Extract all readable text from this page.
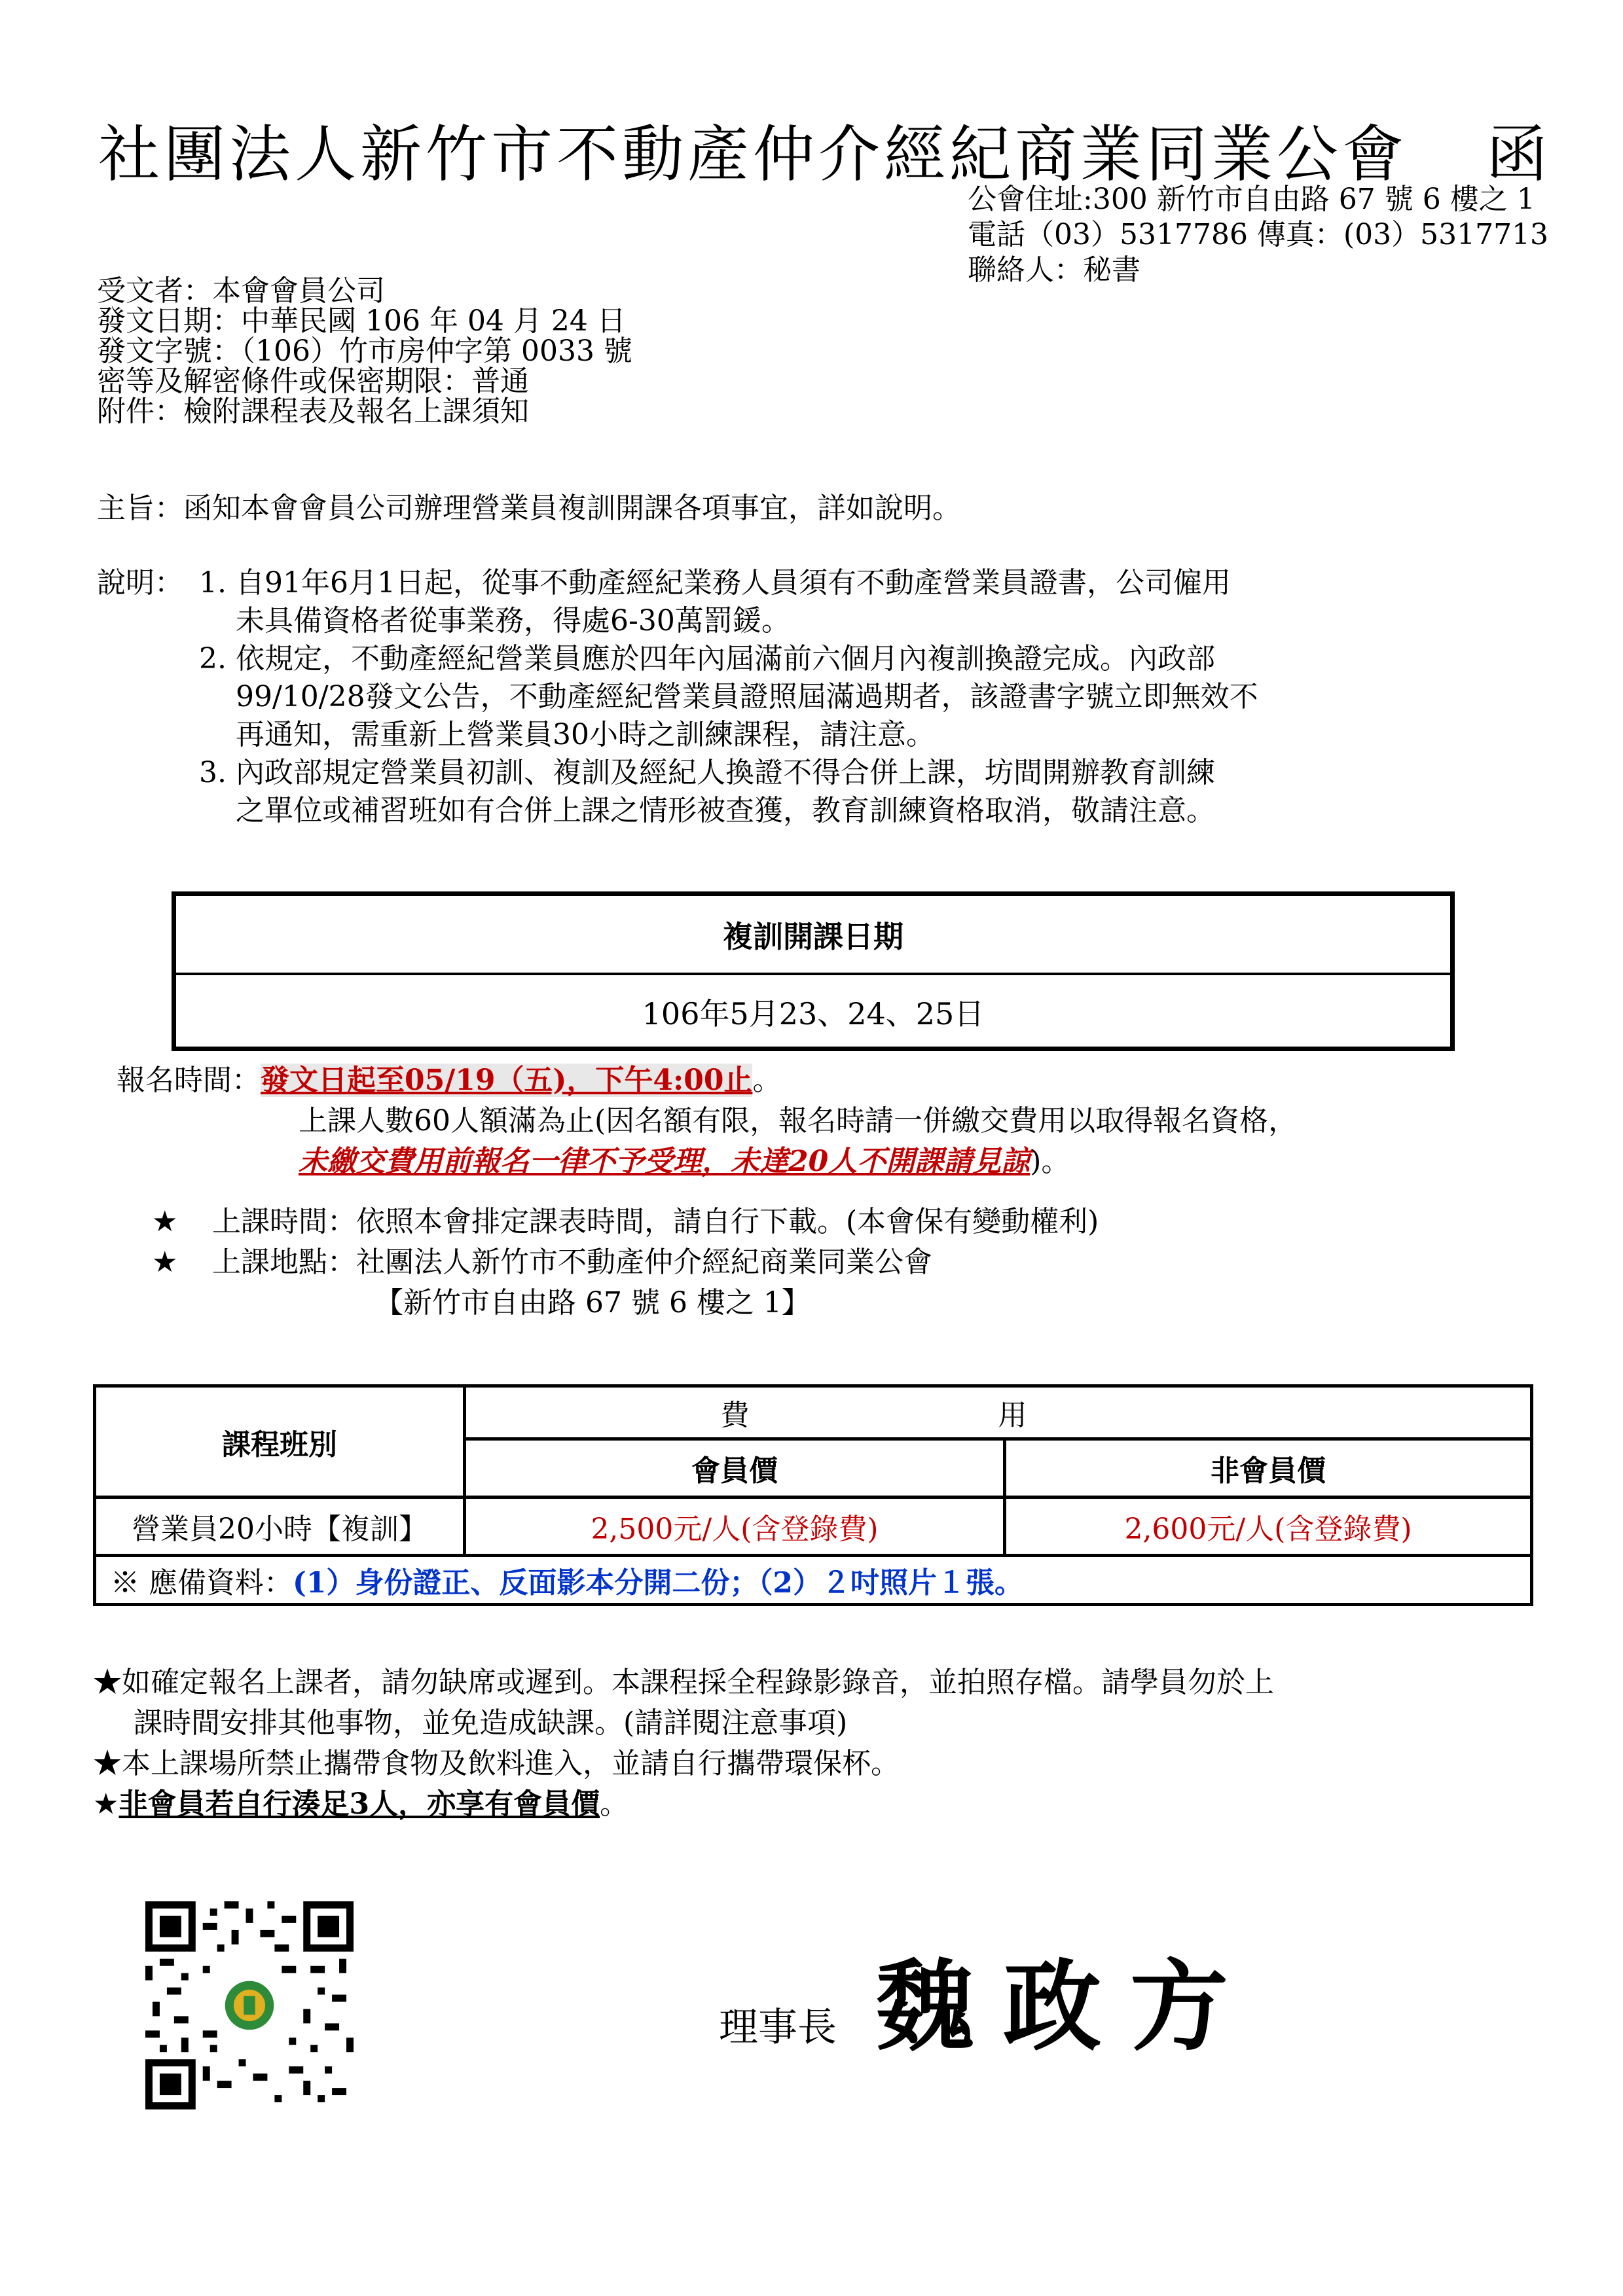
社團法人新竹市不動產仲介經紀商業同業公會 函
公會住址:300 新竹市自由路 67 號 6 樓之 1
電話（03）5317786 傳真：(03）5317713
聯絡人：秘書
受文者：本會會員公司
發文日期：中華民國 106 年 04 月 24 日
發文字號：（106）竹市房仲字第 0033 號
密等及解密條件或保密期限：普通
附件：檢附課程表及報名上課須知
主旨：函知本會會員公司辦理營業員複訓開課各項事宜，詳如說明。
說明： 1. 自91年6月1日起，從事不動產經紀業務人員須有不動產營業員證書，公司僱用
未具備資格者從事業務，得處6-30萬罰鍰。
2. 依規定，不動產經紀營業員應於四年內屆滿前六個月內複訓換證完成。內政部
99/10/28發文公告，不動產經紀營業員證照屆滿過期者，該證書字號立即無效不
再通知，需重新上營業員30小時之訓練課程，請注意。
3. 內政部規定營業員初訓、複訓及經紀人換證不得合併上課，坊間開辦教育訓練
之單位或補習班如有合併上課之情形被查獲，教育訓練資格取消，敬請注意。
複訓開課日期
106年5月23、24、25日
報名時間：發文日起至05/19（五)，下午4:00止。
上課人數60人額滿為止(因名額有限，報名時請一併繳交費用以取得報名資格，
未繳交費用前報名一律不予受理，未達20人不開課請見諒)。
★ 上課時間：依照本會排定課表時間，請自行下載。(本會保有變動權利)
★ 上課地點：社團法人新竹市不動產仲介經紀商業同業公會
【新竹市自由路 67 號 6 樓之 1】
課程班別	費用	
	會員價	非會員價
營業員20小時【複訓】	2,500元/人(含登錄費)	2,600元/人(含登錄費)
※ 應備資料：(1）身份證正、反面影本分開二份；（2）２吋照片１張。		
★如確定報名上課者，請勿缺席或遲到。本課程採全程錄影錄音，並拍照存檔。請學員勿於上
課時間安排其他事物，並免造成缺課。(請詳閱注意事項)
★本上課場所禁止攜帶食物及飲料進入，並請自行攜帶環保杯。
★非會員若自行湊足3人，亦享有會員價。
理事長 魏政方
